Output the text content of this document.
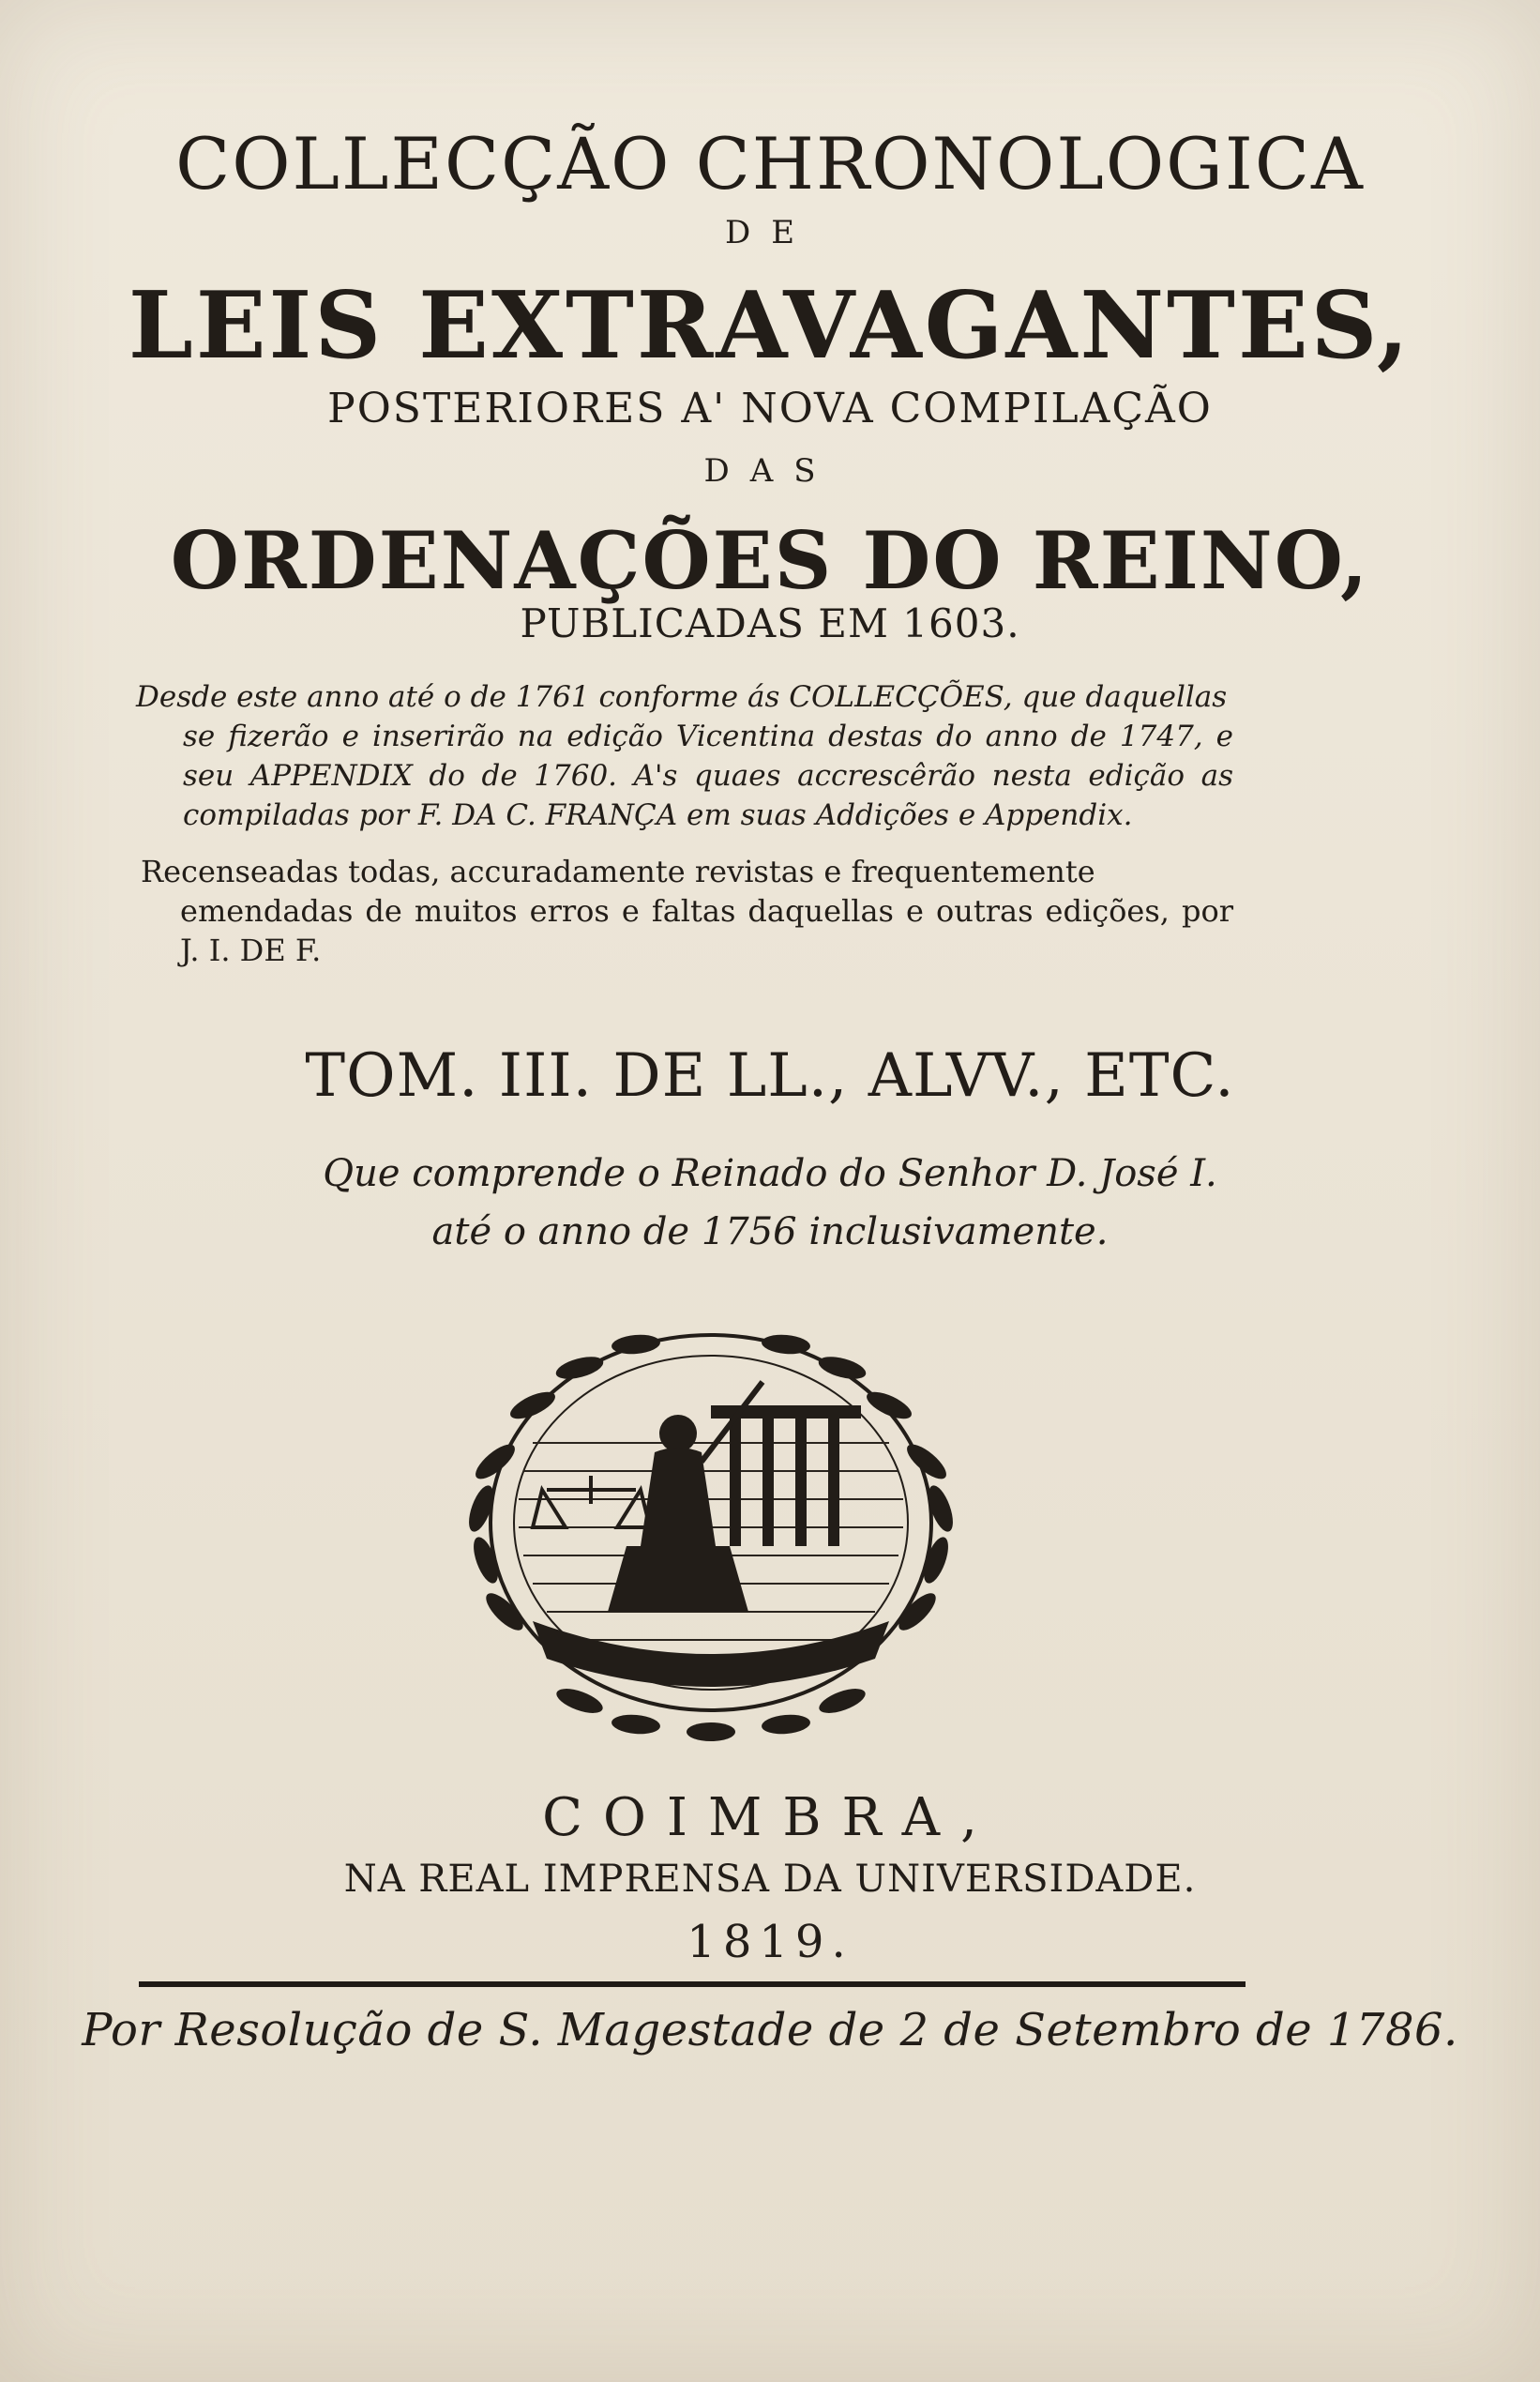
COLLECÇÃO CHRONOLOGICA
DE
LEIS EXTRAVAGANTES,
POSTERIORES A' NOVA COMPILAÇÃO
DAS
ORDENAÇÕES DO REINO,
PUBLICADAS EM 1603.
Desde este anno até o de 1761 conforme ás COLLECÇÕES, que daquellas
se fizerão e inserirão na edição Vicentina destas do anno de 1747, e seu APPENDIX do de 1760. A's quaes accrescêrão nesta edição as compiladas por F. DA C. FRANÇA em suas Addições e Appendix.
Recenseadas todas, accuradamente revistas e frequentemente
emendadas de muitos erros e faltas daquellas e outras edições, por J. I. DE F.
TOM. III. DE LL., ALVV., ETC.
Que comprende o Reinado do Senhor D. José I.
até o anno de 1756 inclusivamente.
COIMBRA,
NA REAL IMPRENSA DA UNIVERSIDADE.
1819.
Por Resolução de S. Magestade de 2 de Setembro de 1786.
